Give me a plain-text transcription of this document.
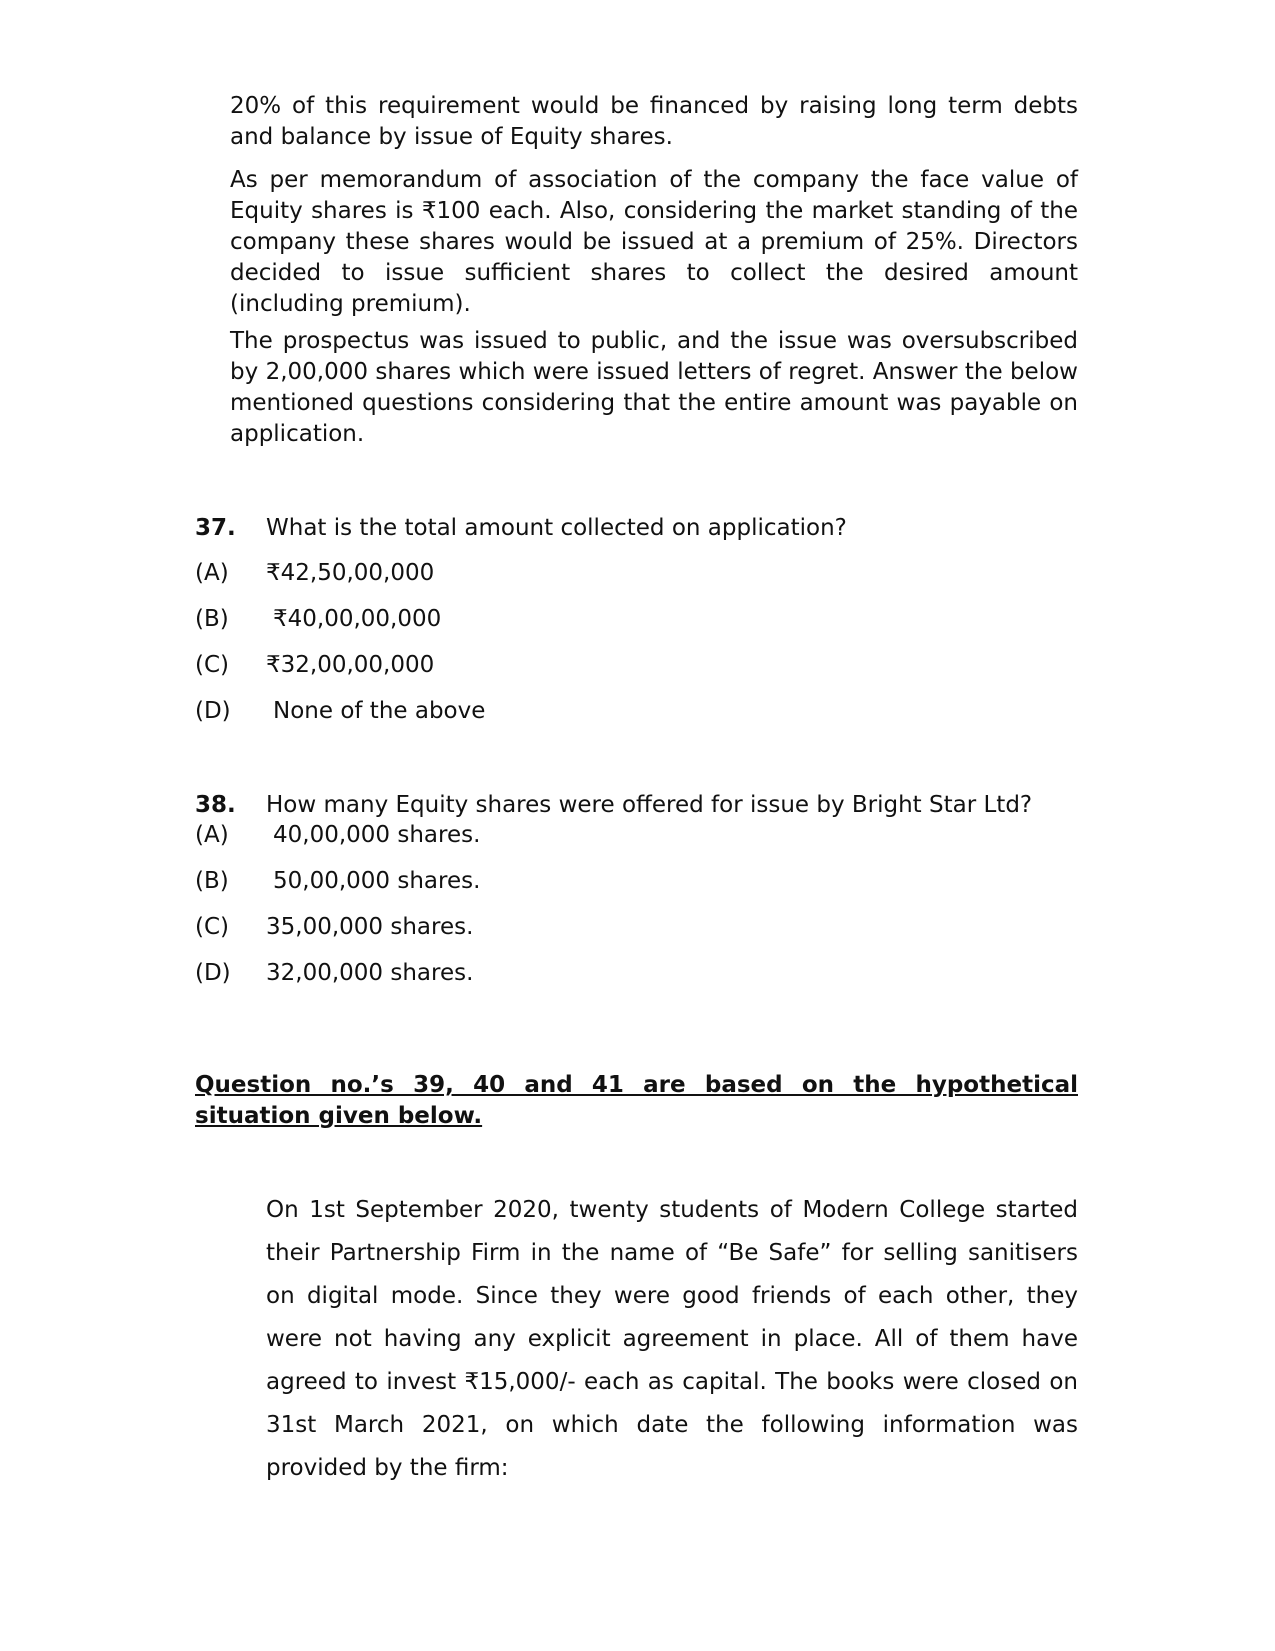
20% of this requirement would be financed by raising long term debts and balance by issue of Equity shares.

As per memorandum of association of the company the face value of Equity shares is ₹100 each. Also, considering the market standing of the company these shares would be issued at a premium of 25%. Directors decided to issue sufficient shares to collect the desired amount (including premium).

The prospectus was issued to public, and the issue was oversubscribed by 2,00,000 shares which were issued letters of regret. Answer the below mentioned questions considering that the entire amount was payable on application.

37. What is the total amount collected on application?
(A) ₹42,50,00,000
(B) ₹40,00,00,000
(C) ₹32,00,00,000
(D) None of the above
38. How many Equity shares were offered for issue by Bright Star Ltd?
(A) 40,00,000 shares.
(B) 50,00,000 shares.
(C) 35,00,000 shares.
(D) 32,00,000 shares.

Question no.’s 39, 40 and 41 are based on the hypothetical
situation given below.

On 1st September 2020, twenty students of Modern College started their Partnership Firm in the name of “Be Safe” for selling sanitisers on digital mode. Since they were good friends of each other, they were not having any explicit agreement in place. All of them have agreed to invest ₹15,000/- each as capital. The books were closed on 31st March 2021, on which date the following information was provided by the firm:
